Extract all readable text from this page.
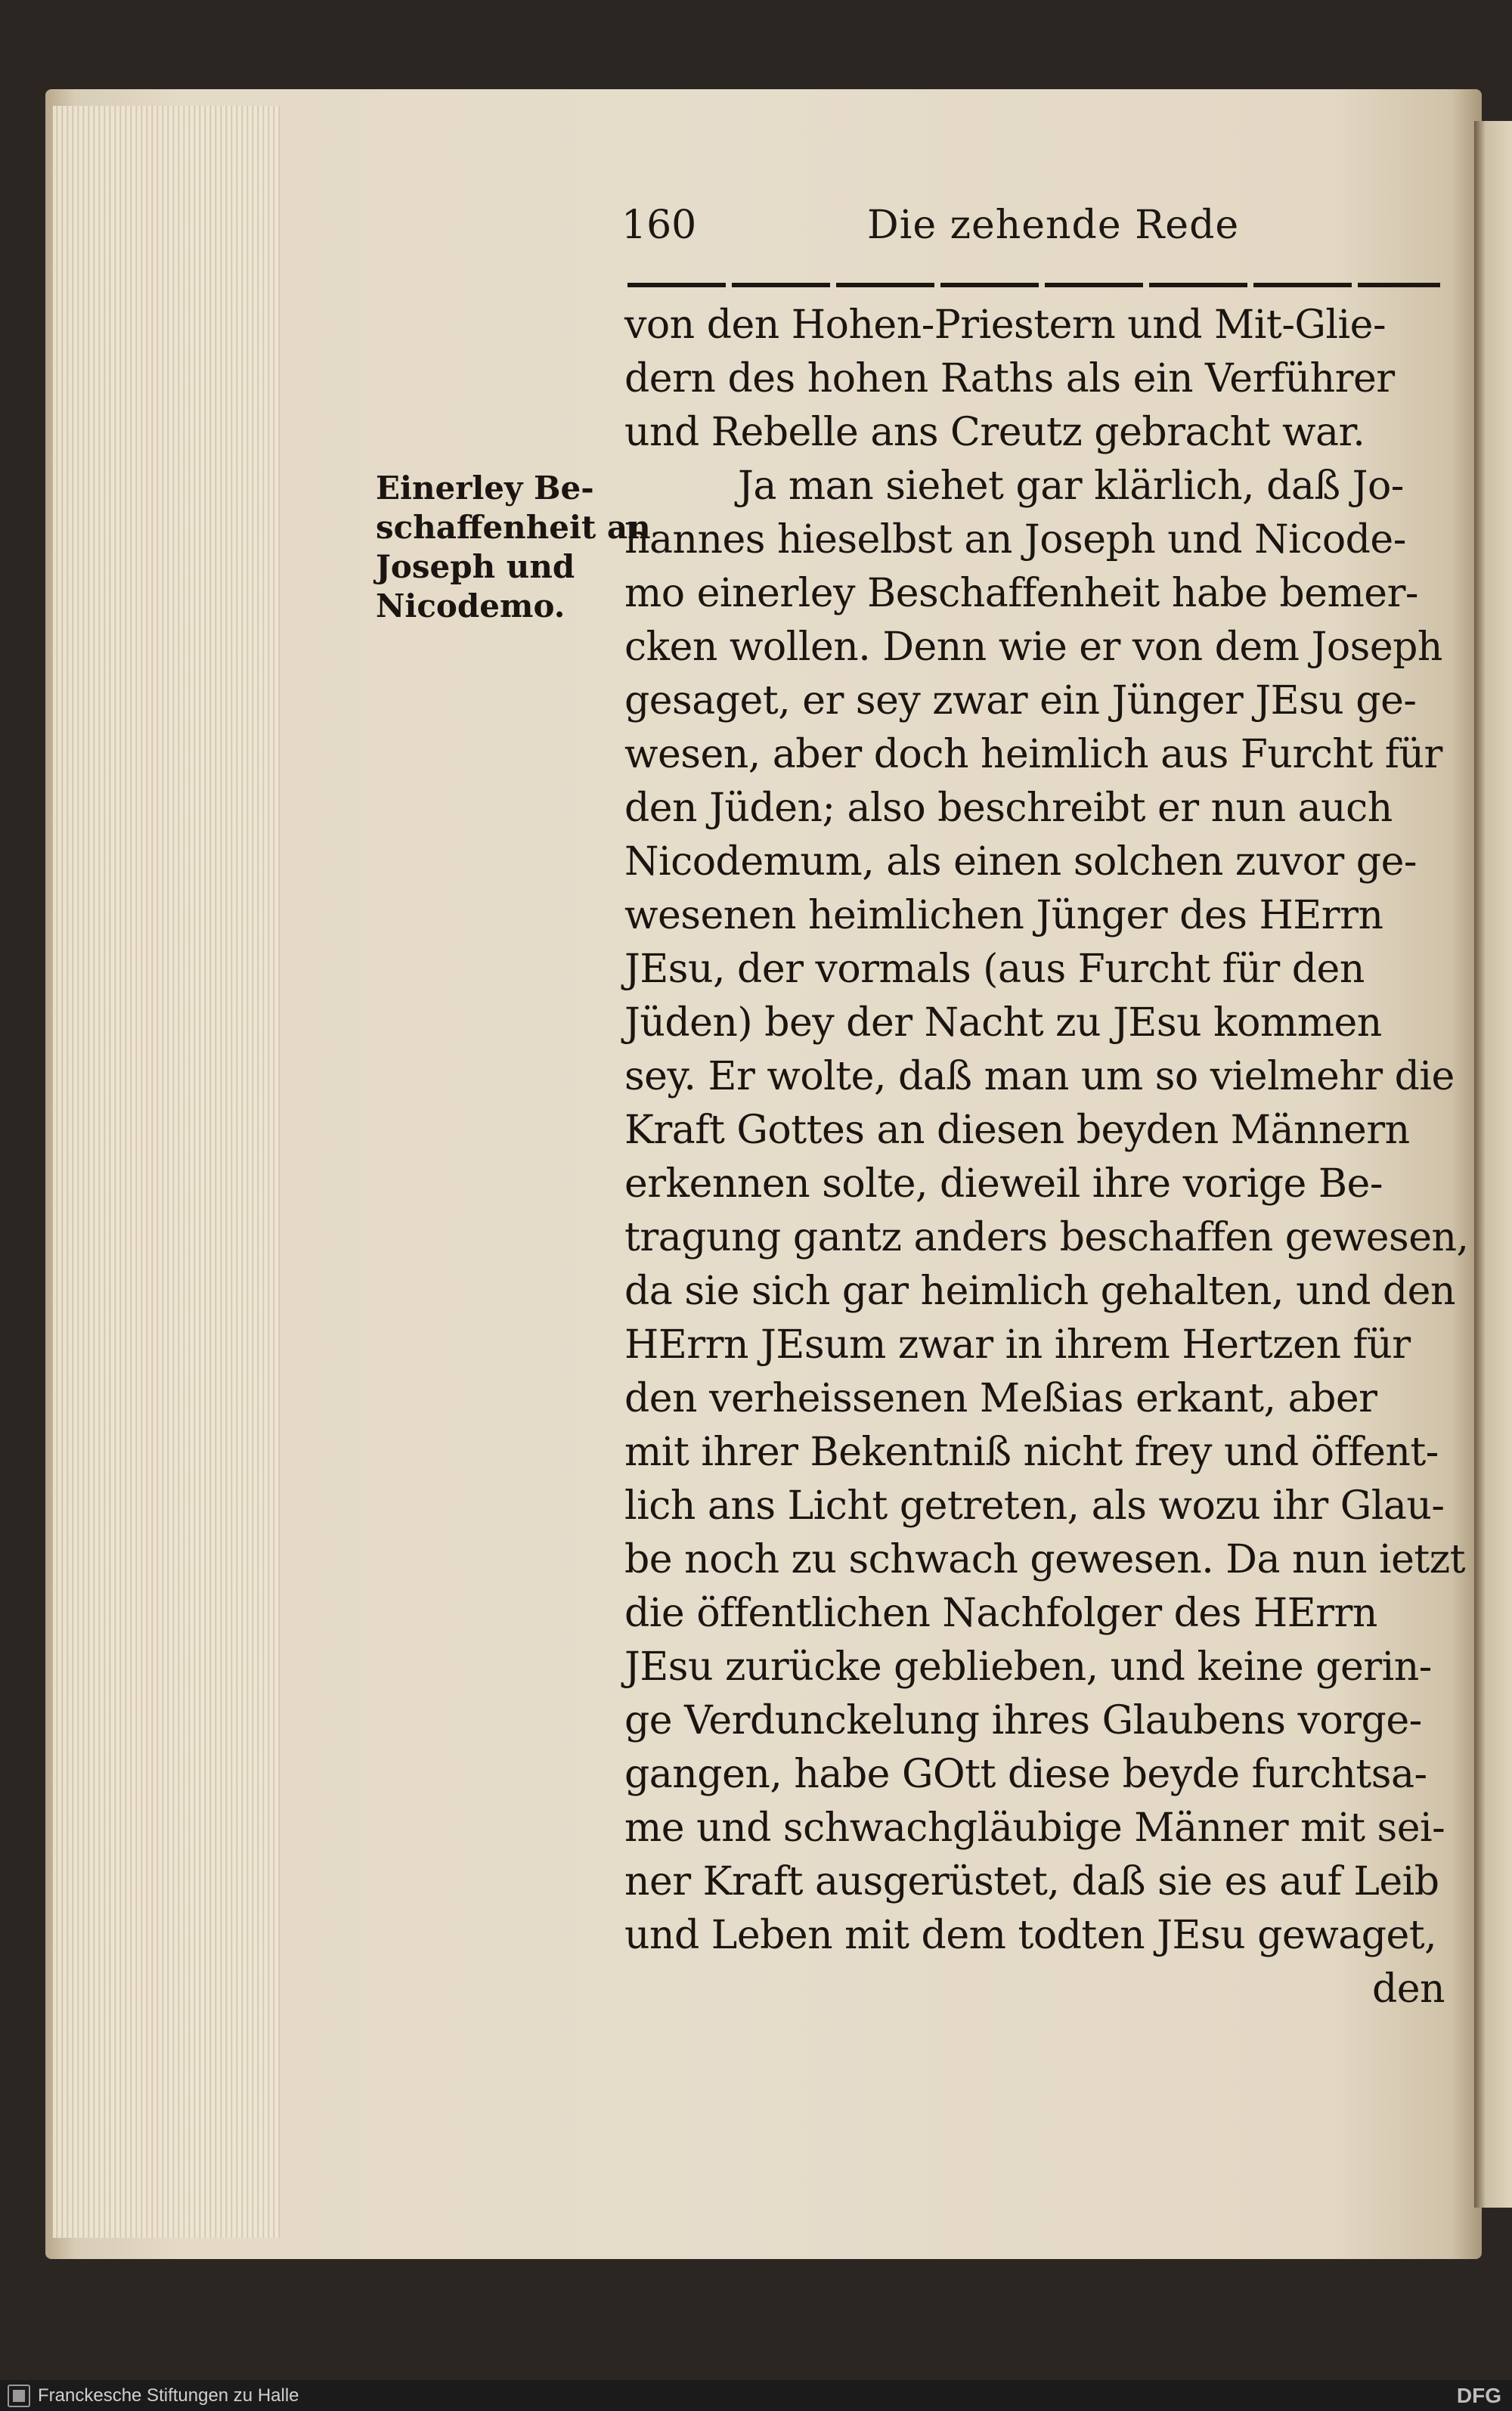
160	Die zehende Rede
Einerley Be-
schaffenheit an
Joseph und
Nicodemo.
von den Hohen-Priestern und Mit-Glie-
dern des hohen Raths als ein Verführer
und Rebelle ans Creutz gebracht war.
Ja man siehet gar klärlich, daß Jo-
hannes hieselbst an Joseph und Nicode-
mo einerley Beschaffenheit habe bemer-
cken wollen. Denn wie er von dem Joseph
gesaget, er sey zwar ein Jünger JEsu ge-
wesen, aber doch heimlich aus Furcht für
den Jüden; also beschreibt er nun auch
Nicodemum, als einen solchen zuvor ge-
wesenen heimlichen Jünger des HErrn
JEsu, der vormals (aus Furcht für den
Jüden) bey der Nacht zu JEsu kommen
sey. Er wolte, daß man um so vielmehr die
Kraft Gottes an diesen beyden Männern
erkennen solte, dieweil ihre vorige Be-
tragung gantz anders beschaffen gewesen,
da sie sich gar heimlich gehalten, und den
HErrn JEsum zwar in ihrem Hertzen für
den verheissenen Meßias erkant, aber
mit ihrer Bekentniß nicht frey und öffent-
lich ans Licht getreten, als wozu ihr Glau-
be noch zu schwach gewesen. Da nun ietzt
die öffentlichen Nachfolger des HErrn
JEsu zurücke geblieben, und keine gerin-
ge Verdunckelung ihres Glaubens vorge-
gangen, habe GOtt diese beyde furchtsa-
me und schwachgläubige Männer mit sei-
ner Kraft ausgerüstet, daß sie es auf Leib
und Leben mit dem todten JEsu gewaget,
den
Franckesche Stiftungen zu Halle	DFG
